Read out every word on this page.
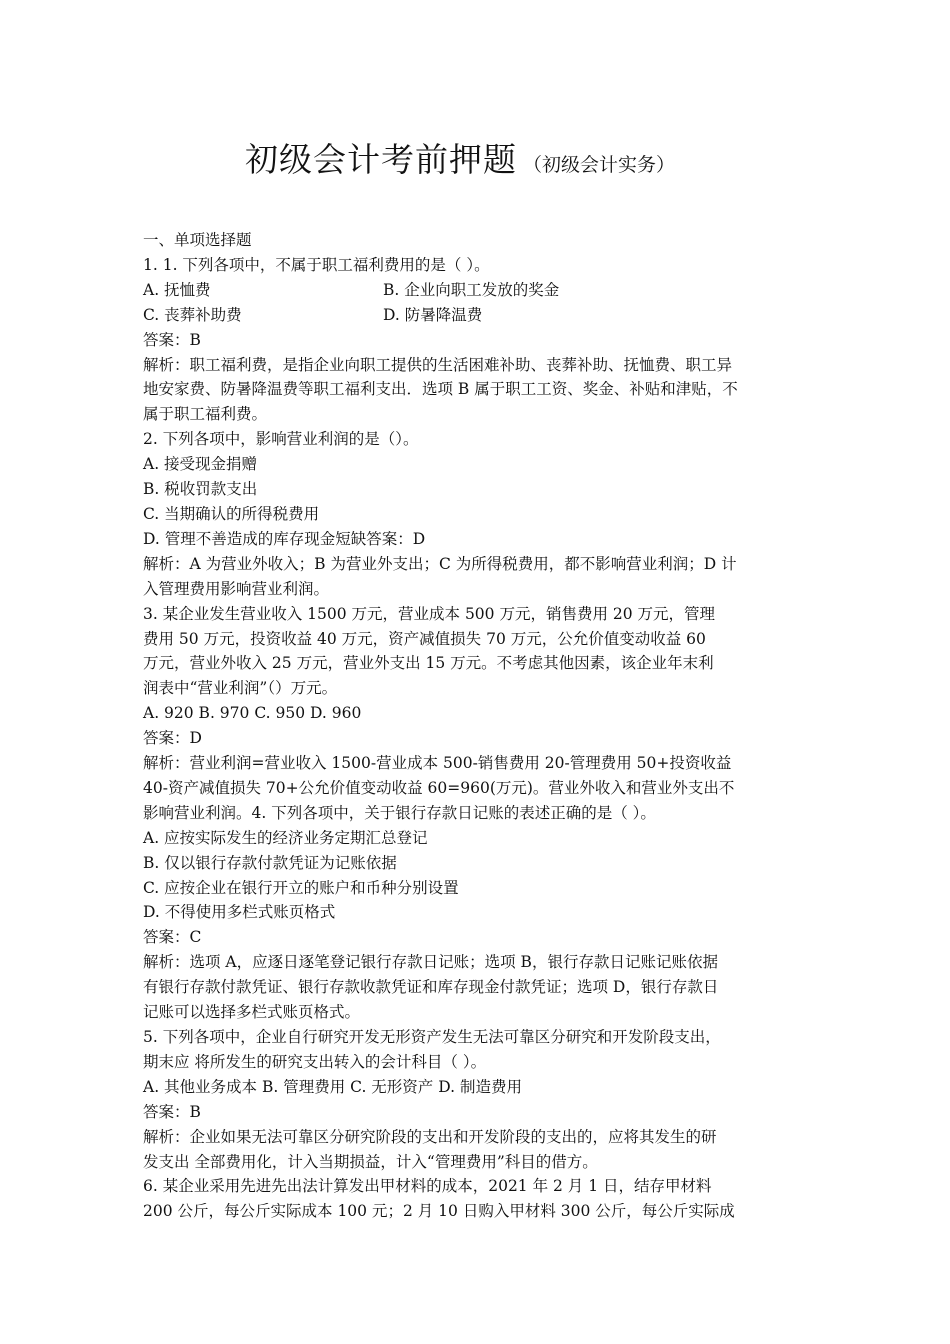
初级会计考前押题 （初级会计实务）
一、单项选择题
1. 1. 下列各项中，不属于职工福利费用的是（ ）。
A. 抚恤费	B. 企业向职工发放的奖金
C. 丧葬补助费	D. 防暑降温费
答案：B
解析：职工福利费，是指企业向职工提供的生活困难补助、丧葬补助、抚恤费、职工异
地安家费、防暑降温费等职工福利支出．选项 B 属于职工工资、奖金、补贴和津贴，不
属于职工福利费。
2. 下列各项中，影响营业利润的是（）。
A. 接受现金捐赠
B. 税收罚款支出
C. 当期确认的所得税费用
D. 管理不善造成的库存现金短缺答案：D
解析：A 为营业外收入；B 为营业外支出；C 为所得税费用，都不影响营业利润；D 计
入管理费用影响营业利润。
3. 某企业发生营业收入 1500 万元，营业成本 500 万元，销售费用 20 万元，管理
费用 50 万元，投资收益 40 万元，资产减值损失 70 万元，公允价值变动收益 60
万元，营业外收入 25 万元，营业外支出 15 万元。不考虑其他因素，该企业年末利
润表中“营业利润”（）万元。
A. 920 B. 970 C. 950 D. 960
答案：D
解析：营业利润=营业收入 1500-营业成本 500-销售费用 20-管理费用 50+投资收益
40-资产减值损失 70+公允价值变动收益 60=960(万元)。营业外收入和营业外支出不
影响营业利润。4. 下列各项中，关于银行存款日记账的表述正确的是（ ）。
A. 应按实际发生的经济业务定期汇总登记
B. 仅以银行存款付款凭证为记账依据
C. 应按企业在银行开立的账户和币种分别设置
D. 不得使用多栏式账页格式
答案：C
解析：选项 A，应逐日逐笔登记银行存款日记账；选项 B，银行存款日记账记账依据
有银行存款付款凭证、银行存款收款凭证和库存现金付款凭证；选项 D，银行存款日
记账可以选择多栏式账页格式。
5. 下列各项中，企业自行研究开发无形资产发生无法可靠区分研究和开发阶段支出，
期末应 将所发生的研究支出转入的会计科目（ ）。
A. 其他业务成本 B. 管理费用 C. 无形资产 D. 制造费用
答案：B
解析：企业如果无法可靠区分研究阶段的支出和开发阶段的支出的，应将其发生的研
发支出 全部费用化，计入当期损益，计入“管理费用”科目的借方。
6. 某企业采用先进先出法计算发出甲材料的成本，2021 年 2 月 1 日，结存甲材料
200 公斤，每公斤实际成本 100 元；2 月 10 日购入甲材料 300 公斤，每公斤实际成
